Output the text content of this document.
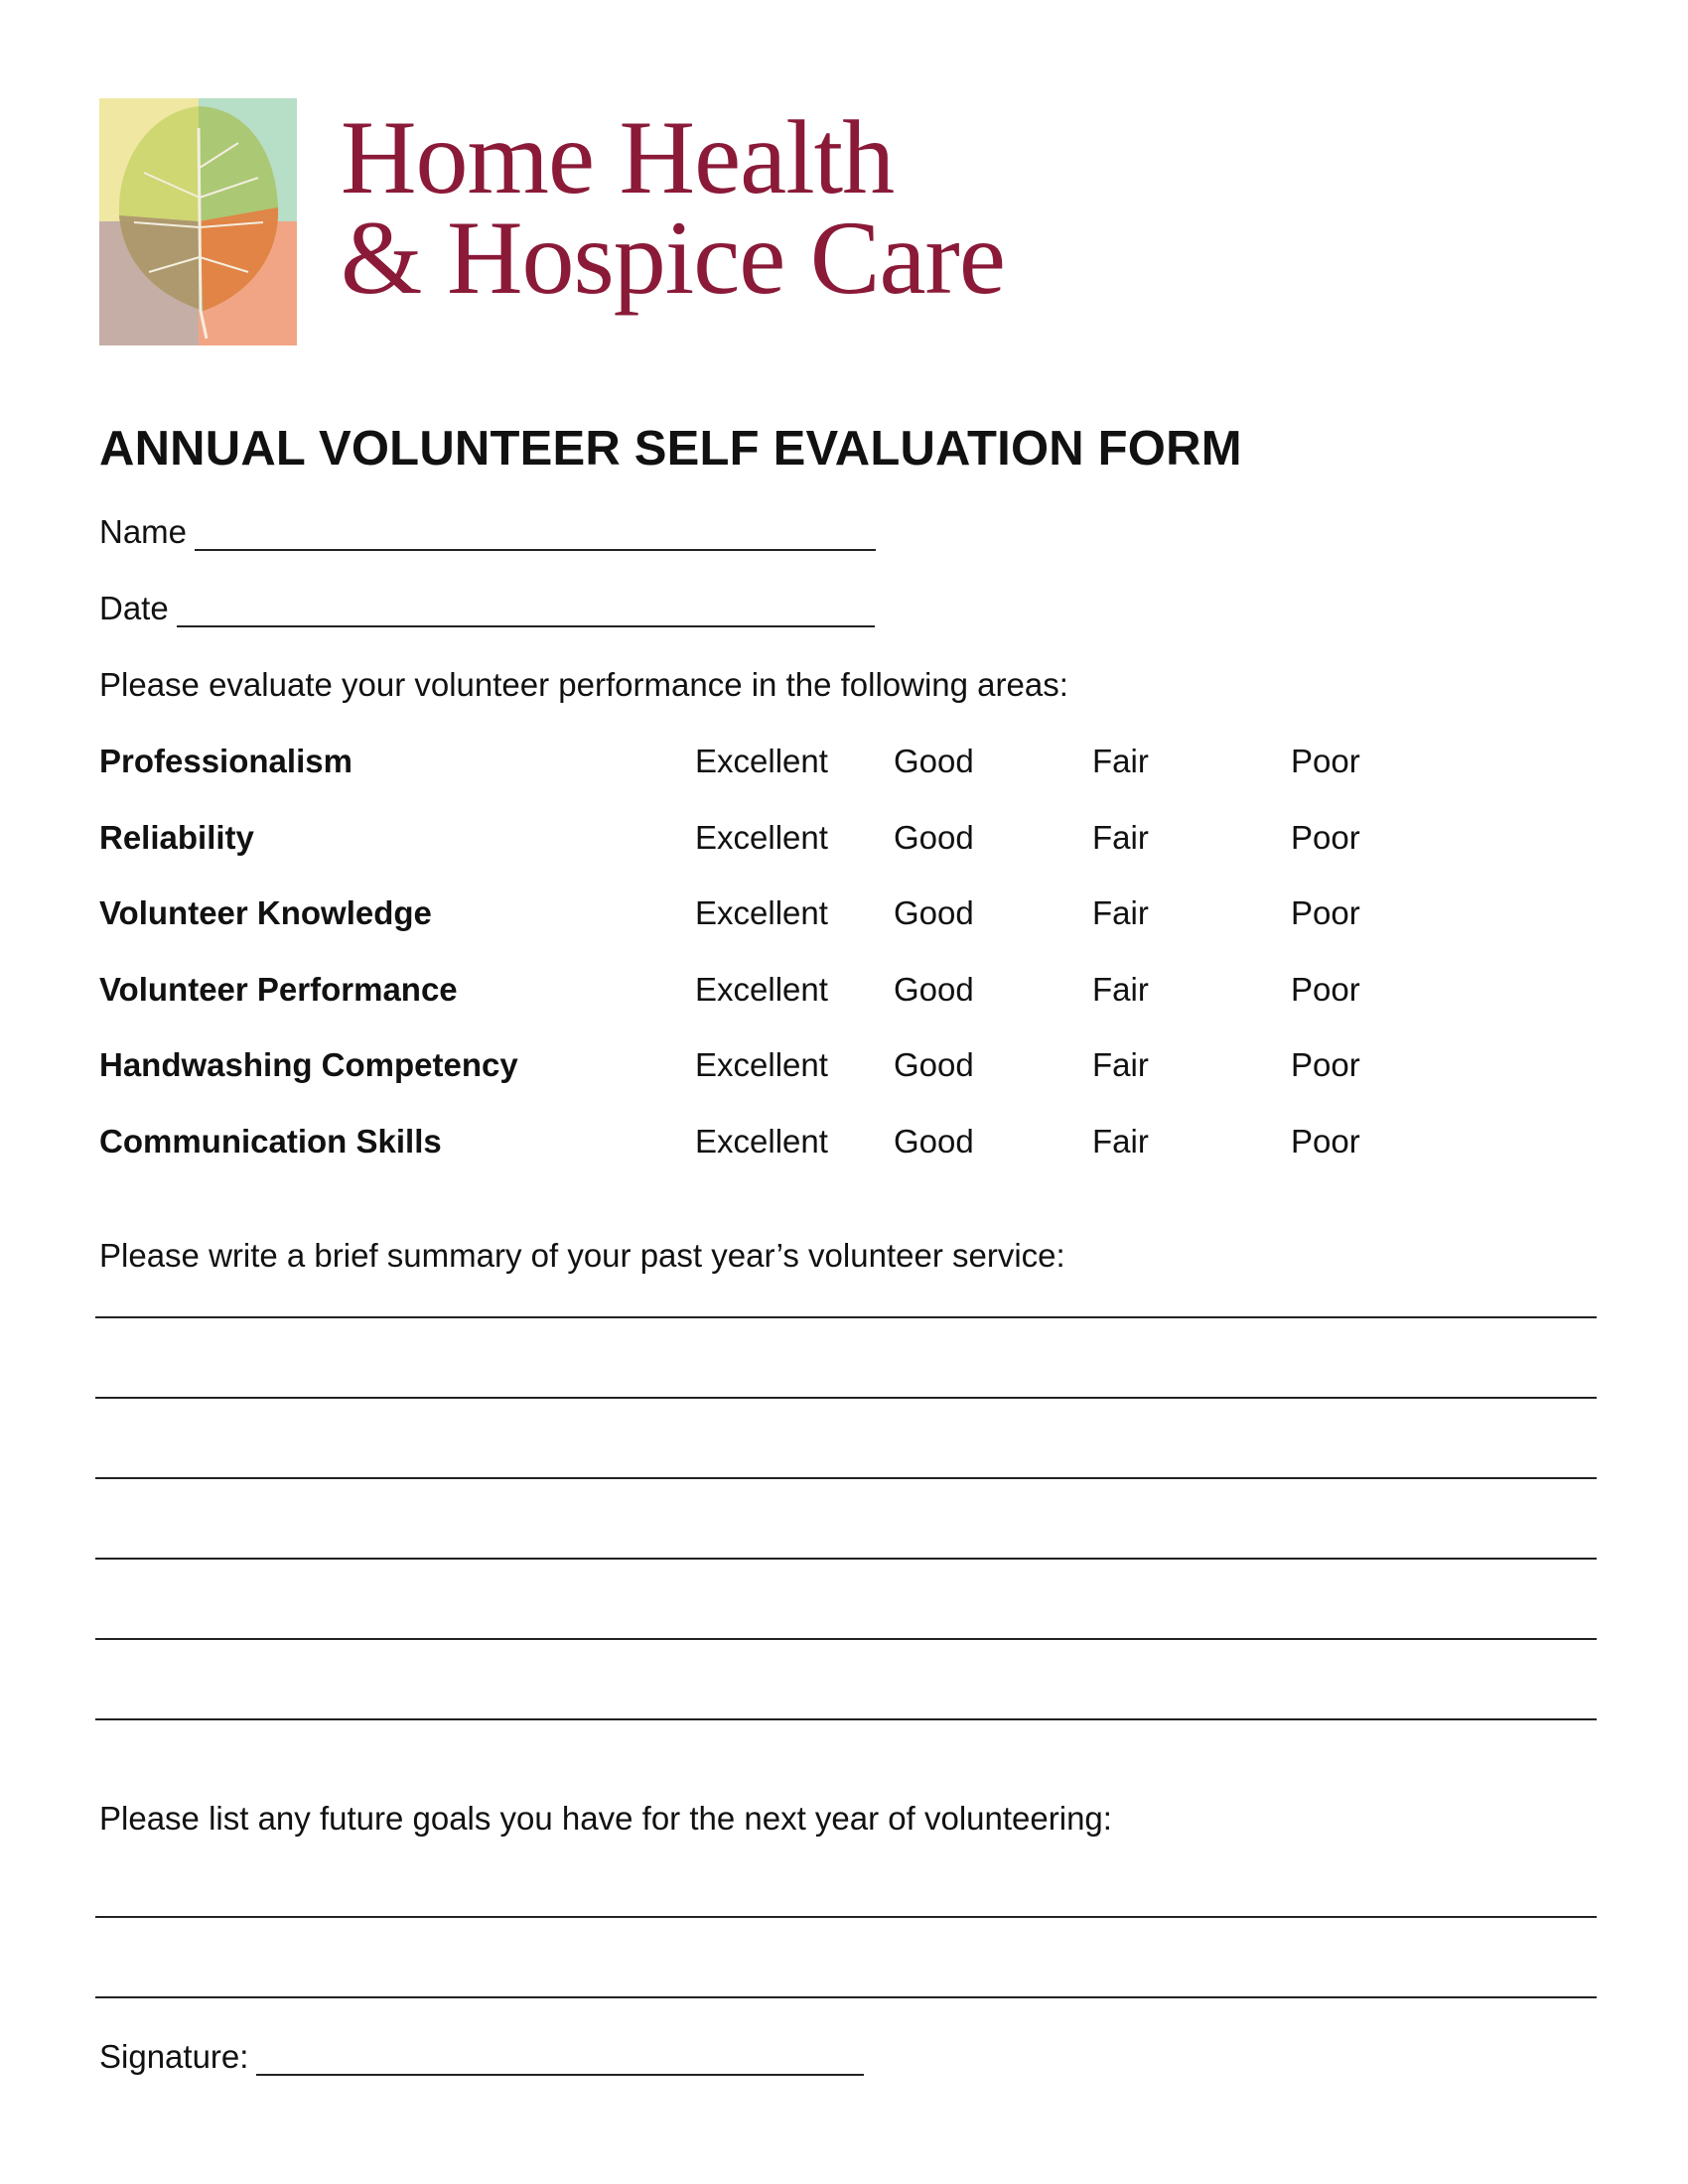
Home Health
& Hospice Care
ANNUAL VOLUNTEER SELF EVALUATION FORM
Name
Date
Please evaluate your volunteer performance in the following areas:
Professionalism	Excellent Good	Fair	Poor
Reliability	Excellent Good	Fair	Poor
Volunteer Knowledge	Excellent Good	Fair	Poor
Volunteer Performance	Excellent Good	Fair	Poor
Handwashing Competency	Excellent Good	Fair	Poor
Communication Skills	Excellent Good	Fair	Poor
Please write a brief summary of your past year’s volunteer service:
Please list any future goals you have for the next year of volunteering:
Signature:
